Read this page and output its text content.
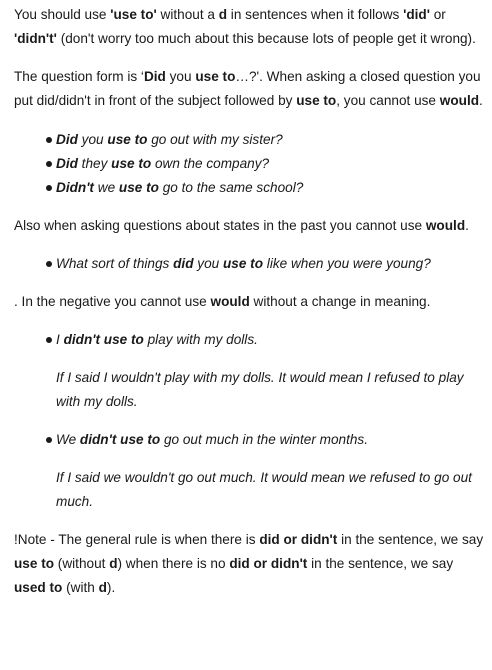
You should use 'use to' without a d in sentences when it follows 'did' or 'didn't' (don't worry too much about this because lots of people get it wrong).

The question form is ‘Did you use to…?'. When asking a closed question you put did/didn't in front of the subject followed by use to, you cannot use would.

Did you use to go out with my sister?
Did they use to own the company?
Didn't we use to go to the same school?

Also when asking questions about states in the past you cannot use would.

What sort of things did you use to like when you were young?

. In the negative you cannot use would without a change in meaning.

I didn't use to play with my dolls.
If I said I wouldn't play with my dolls. It would mean I refused to play with my dolls.
We didn't use to go out much in the winter months.
If I said we wouldn't go out much. It would mean we refused to go out much.

!Note - The general rule is when there is did or didn't in the sentence, we say use to (without d) when there is no did or didn't in the sentence, we say used to (with d).
